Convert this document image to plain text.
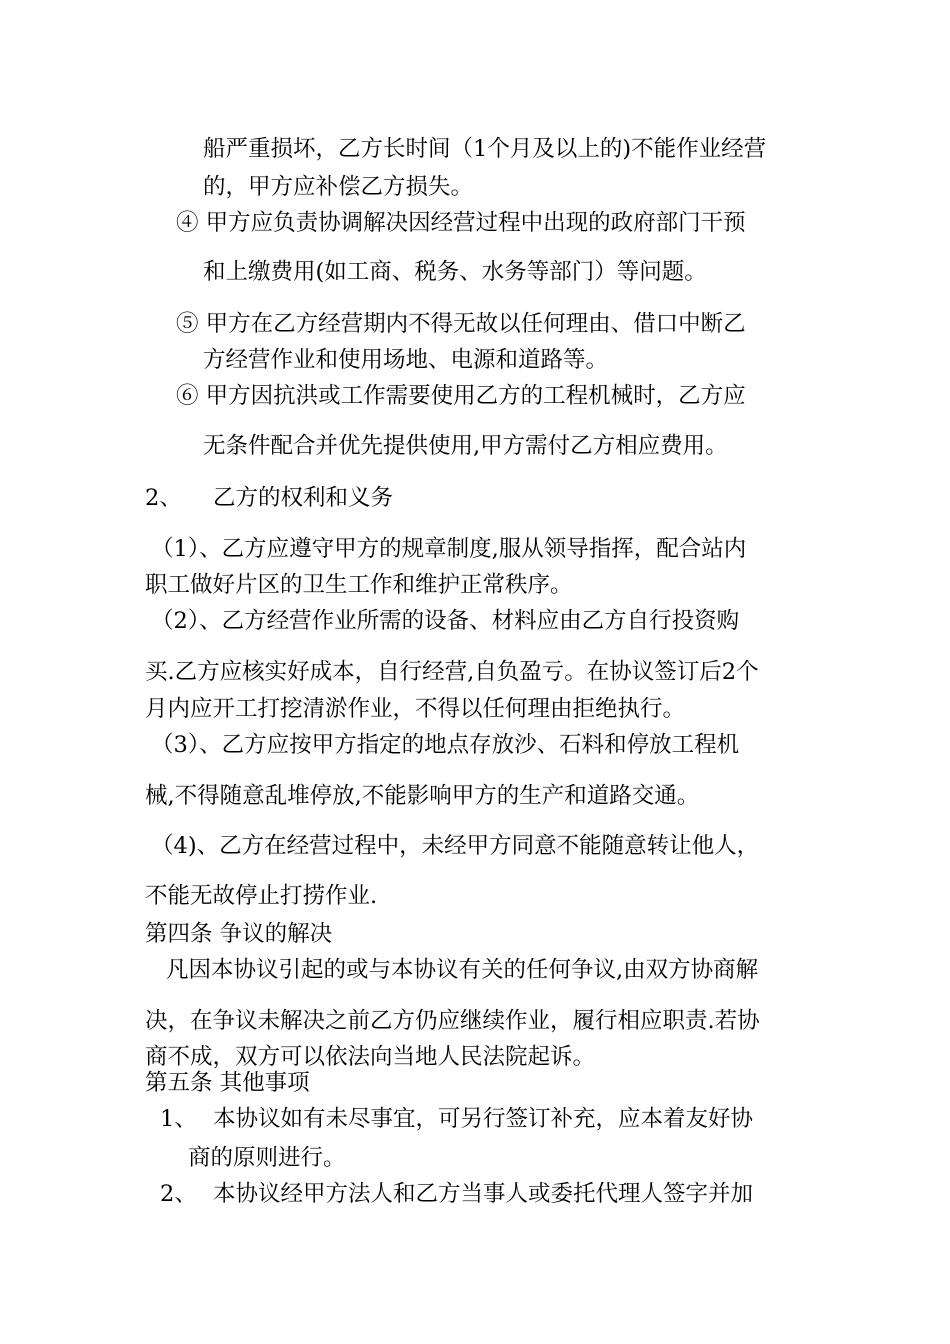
船严重损坏，乙方长时间（1个月及以上的)不能作业经营
的，甲方应补偿乙方损失。
④ 甲方应负责协调解决因经营过程中出现的政府部门干预
和上缴费用(如工商、税务、水务等部门）等问题。
⑤ 甲方在乙方经营期内不得无故以任何理由、借口中断乙
方经营作业和使用场地、电源和道路等。
⑥ 甲方因抗洪或工作需要使用乙方的工程机械时，乙方应
无条件配合并优先提供使用,甲方需付乙方相应费用。
2、 乙方的权利和义务
（1）、乙方应遵守甲方的规章制度,服从领导指挥，配合站内
职工做好片区的卫生工作和维护正常秩序。
（2）、乙方经营作业所需的设备、材料应由乙方自行投资购
买.乙方应核实好成本，自行经营,自负盈亏。在协议签订后2个
月内应开工打挖清淤作业，不得以任何理由拒绝执行。
（3）、乙方应按甲方指定的地点存放沙、石料和停放工程机
械,不得随意乱堆停放,不能影响甲方的生产和道路交通。
（4)、乙方在经营过程中，未经甲方同意不能随意转让他人，
不能无故停止打捞作业.
第四条 争议的解决
凡因本协议引起的或与本协议有关的任何争议,由双方协商解
决，在争议未解决之前乙方仍应继续作业，履行相应职责.若协
商不成，双方可以依法向当地人民法院起诉。
第五条 其他事项
1、 本协议如有未尽事宜，可另行签订补充，应本着友好协
商的原则进行。
2、 本协议经甲方法人和乙方当事人或委托代理人签字并加
